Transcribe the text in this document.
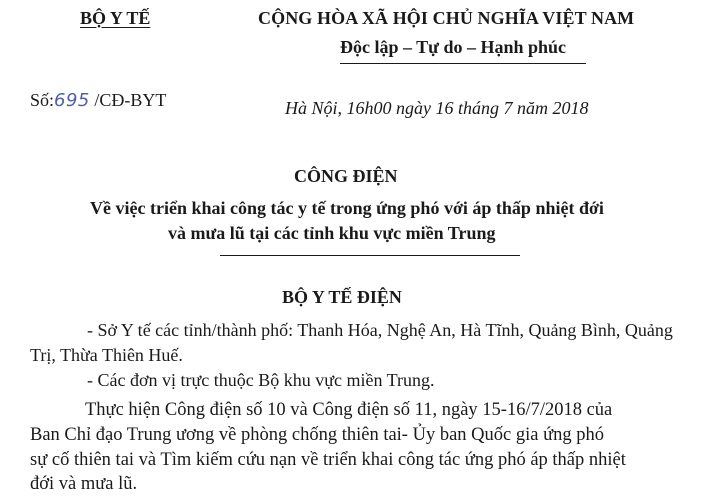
BỘ Y TẾ	CỘNG HÒA XÃ HỘI CHỦ NGHĨA VIỆT NAM
Độc lập – Tự do – Hạnh phúc
Số:695 /CĐ-BYT	Hà Nội, 16h00 ngày 16 tháng 7 năm 2018
CÔNG ĐIỆN
Về việc triển khai công tác y tế trong ứng phó với áp thấp nhiệt đới
và mưa lũ tại các tỉnh khu vực miền Trung
BỘ Y TẾ ĐIỆN
- Sở Y tế các tỉnh/thành phố: Thanh Hóa, Nghệ An, Hà Tĩnh, Quảng Bình, Quảng
Trị, Thừa Thiên Huế.
- Các đơn vị trực thuộc Bộ khu vực miền Trung.
Thực hiện Công điện số 10 và Công điện số 11, ngày 15-16/7/2018 của
Ban Chỉ đạo Trung ương về phòng chống thiên tai- Ủy ban Quốc gia ứng phó
sự cố thiên tai và Tìm kiếm cứu nạn về triển khai công tác ứng phó áp thấp nhiệt
đới và mưa lũ.
